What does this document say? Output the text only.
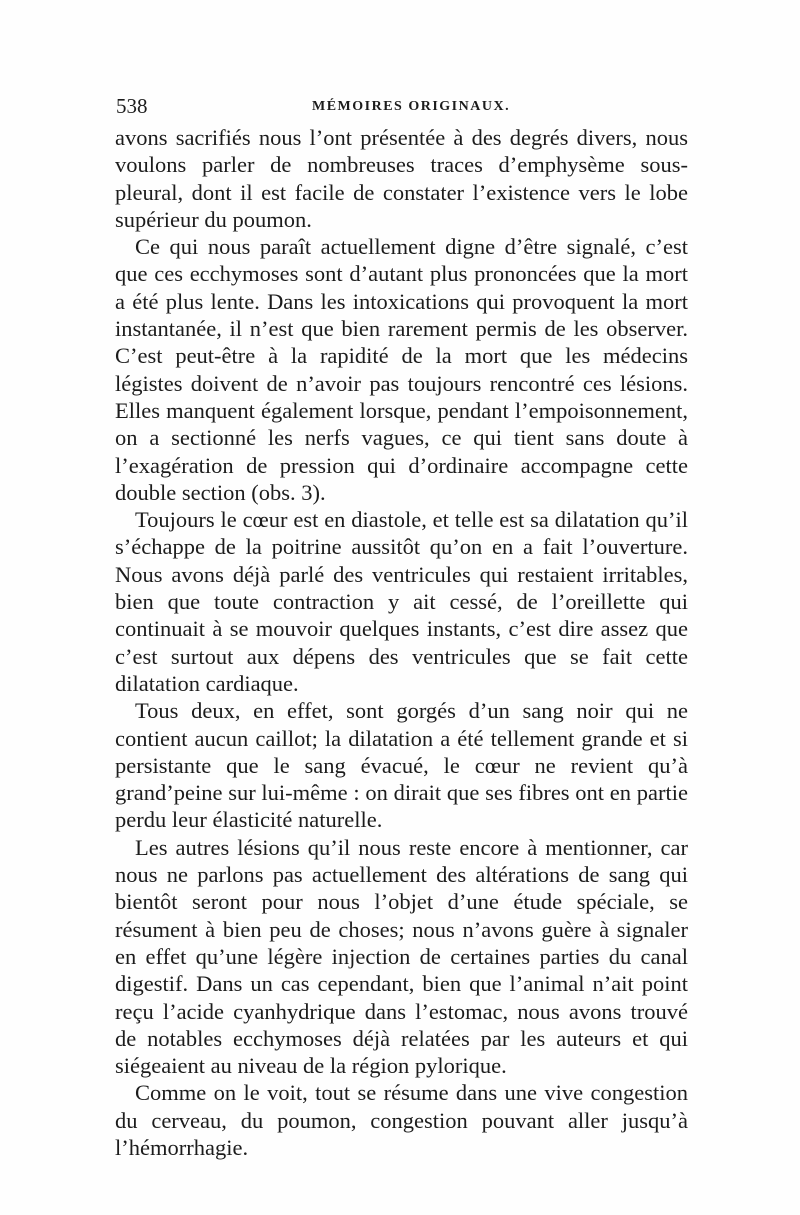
538	MÉMOIRES ORIGINAUX.

avons sacrifiés nous l’ont présentée à des degrés divers, nous voulons parler de nombreuses traces d’emphysème sous-pleural, dont il est facile de constater l’existence vers le lobe supérieur du poumon.

Ce qui nous paraît actuellement digne d’être signalé, c’est que ces ecchymoses sont d’autant plus prononcées que la mort a été plus lente. Dans les intoxications qui provoquent la mort instantanée, il n’est que bien rarement permis de les observer. C’est peut-être à la rapidité de la mort que les médecins légistes doivent de n’avoir pas toujours rencontré ces lésions. Elles manquent également lorsque, pendant l’empoisonnement, on a sectionné les nerfs vagues, ce qui tient sans doute à l’exagération de pression qui d’ordinaire accompagne cette double section (obs. 3).

Toujours le cœur est en diastole, et telle est sa dilatation qu’il s’échappe de la poitrine aussitôt qu’on en a fait l’ouverture. Nous avons déjà parlé des ventricules qui restaient irritables, bien que toute contraction y ait cessé, de l’oreillette qui continuait à se mouvoir quelques instants, c’est dire assez que c’est surtout aux dépens des ventricules que se fait cette dilatation cardiaque.

Tous deux, en effet, sont gorgés d’un sang noir qui ne contient aucun caillot; la dilatation a été tellement grande et si persistante que le sang évacué, le cœur ne revient qu’à grand’peine sur lui-même : on dirait que ses fibres ont en partie perdu leur élasticité naturelle.

Les autres lésions qu’il nous reste encore à mentionner, car nous ne parlons pas actuellement des altérations de sang qui bientôt seront pour nous l’objet d’une étude spéciale, se résument à bien peu de choses; nous n’avons guère à signaler en effet qu’une légère injection de certaines parties du canal digestif. Dans un cas cependant, bien que l’animal n’ait point reçu l’acide cyanhydrique dans l’estomac, nous avons trouvé de notables ecchymoses déjà relatées par les auteurs et qui siégeaient au niveau de la région pylorique.

Comme on le voit, tout se résume dans une vive congestion du cerveau, du poumon, congestion pouvant aller jusqu’à l’hémorrhagie.
